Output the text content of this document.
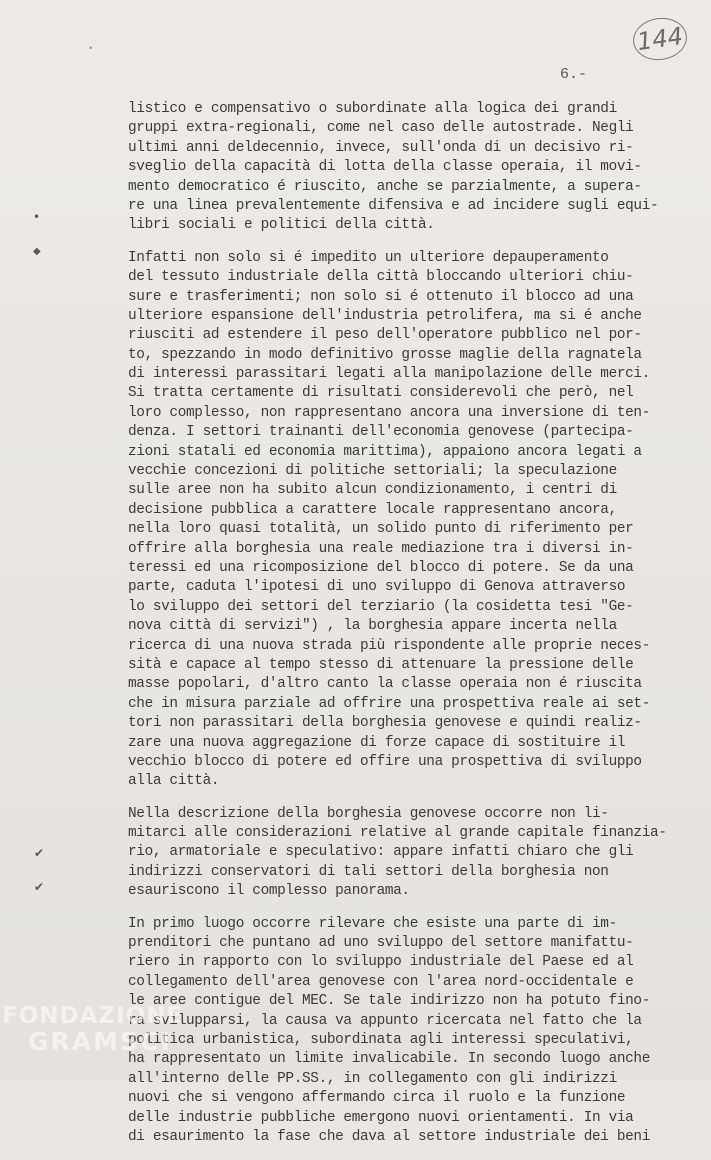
144
6.-
•
•
◆
✔
✔
listico e compensativo o subordinate alla logica dei grandi
gruppi extra-regionali, come nel caso delle autostrade. Negli
ultimi anni deldecennio, invece, sull'onda di un decisivo ri-
sveglio della capacità di lotta della classe operaia, il movi-
mento democratico é riuscito, anche se parzialmente, a supera-
re una linea prevalentemente difensiva e ad incidere sugli equi-
libri sociali e politici della città.
Infatti non solo si é impedito un ulteriore depauperamento
del tessuto industriale della città bloccando ulteriori chiu-
sure e trasferimenti; non solo si é ottenuto il blocco ad una
ulteriore espansione dell'industria petrolifera, ma si é anche
riusciti ad estendere il peso dell'operatore pubblico nel por-
to, spezzando in modo definitivo grosse maglie della ragnatela
di interessi parassitari legati alla manipolazione delle merci.
Si tratta certamente di risultati considerevoli che però, nel
loro complesso, non rappresentano ancora una inversione di ten-
denza. I settori trainanti dell'economia genovese (partecipa-
zioni statali ed economia marittima), appaiono ancora legati a
vecchie concezioni di politiche settoriali; la speculazione
sulle aree non ha subito alcun condizionamento, i centri di
decisione pubblica a carattere locale rappresentano ancora,
nella loro quasi totalità, un solido punto di riferimento per
offrire alla borghesia una reale mediazione tra i diversi in-
teressi ed una ricomposizione del blocco di potere. Se da una
parte, caduta l'ipotesi di uno sviluppo di Genova attraverso
lo sviluppo dei settori del terziario (la cosidetta tesi "Ge-
nova città di servizi") , la borghesia appare incerta nella
ricerca di una nuova strada più rispondente alle proprie neces-
sità e capace al tempo stesso di attenuare la pressione delle
masse popolari, d'altro canto la classe operaia non é riuscita
che in misura parziale ad offrire una prospettiva reale ai set-
tori non parassitari della borghesia genovese e quindi realiz-
zare una nuova aggregazione di forze capace di sostituire il
vecchio blocco di potere ed offire una prospettiva di sviluppo
alla città.
Nella descrizione della borghesia genovese occorre non li-
mitarci alle considerazioni relative al grande capitale finanzia-
rio, armatoriale e speculativo: appare infatti chiaro che gli
indirizzi conservatori di tali settori della borghesia non
esauriscono il complesso panorama.
In primo luogo occorre rilevare che esiste una parte di im-
prenditori che puntano ad uno sviluppo del settore manifattu-
riero in rapporto con lo sviluppo industriale del Paese ed al
collegamento dell'area genovese con l'area nord-occidentale e
le aree contigue del MEC. Se tale indirizzo non ha potuto fino-
ra svilupparsi, la causa va appunto ricercata nel fatto che la
politica urbanistica, subordinata agli interessi speculativi,
ha rappresentato un limite invalicabile. In secondo luogo anche
all'interno delle PP.SS., in collegamento con gli indirizzi
nuovi che si vengono affermando circa il ruolo e la funzione
delle industrie pubbliche emergono nuovi orientamenti. In via
di esaurimento la fase che dava al settore industriale dei beni
FONDAZIONE
GRAMSCI
